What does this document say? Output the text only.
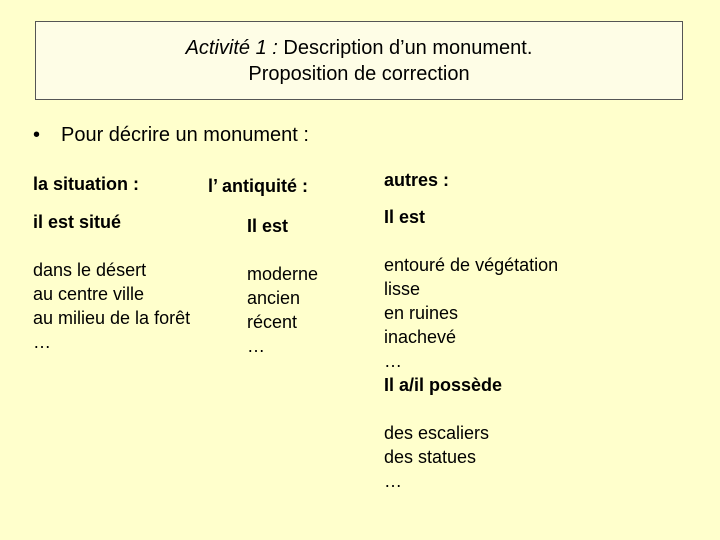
Activité 1 : Description d’un monument.
Proposition de correction
• Pour décrire un monument :
la situation :
il est situé
dans le désert
au centre ville
au milieu de la forêt
…
l’ antiquité :
Il est
moderne
ancien
récent
…
autres :
Il est
entouré de végétation
lisse
en ruines
inachevé
…
Il a/il possède
des escaliers
des statues
…
